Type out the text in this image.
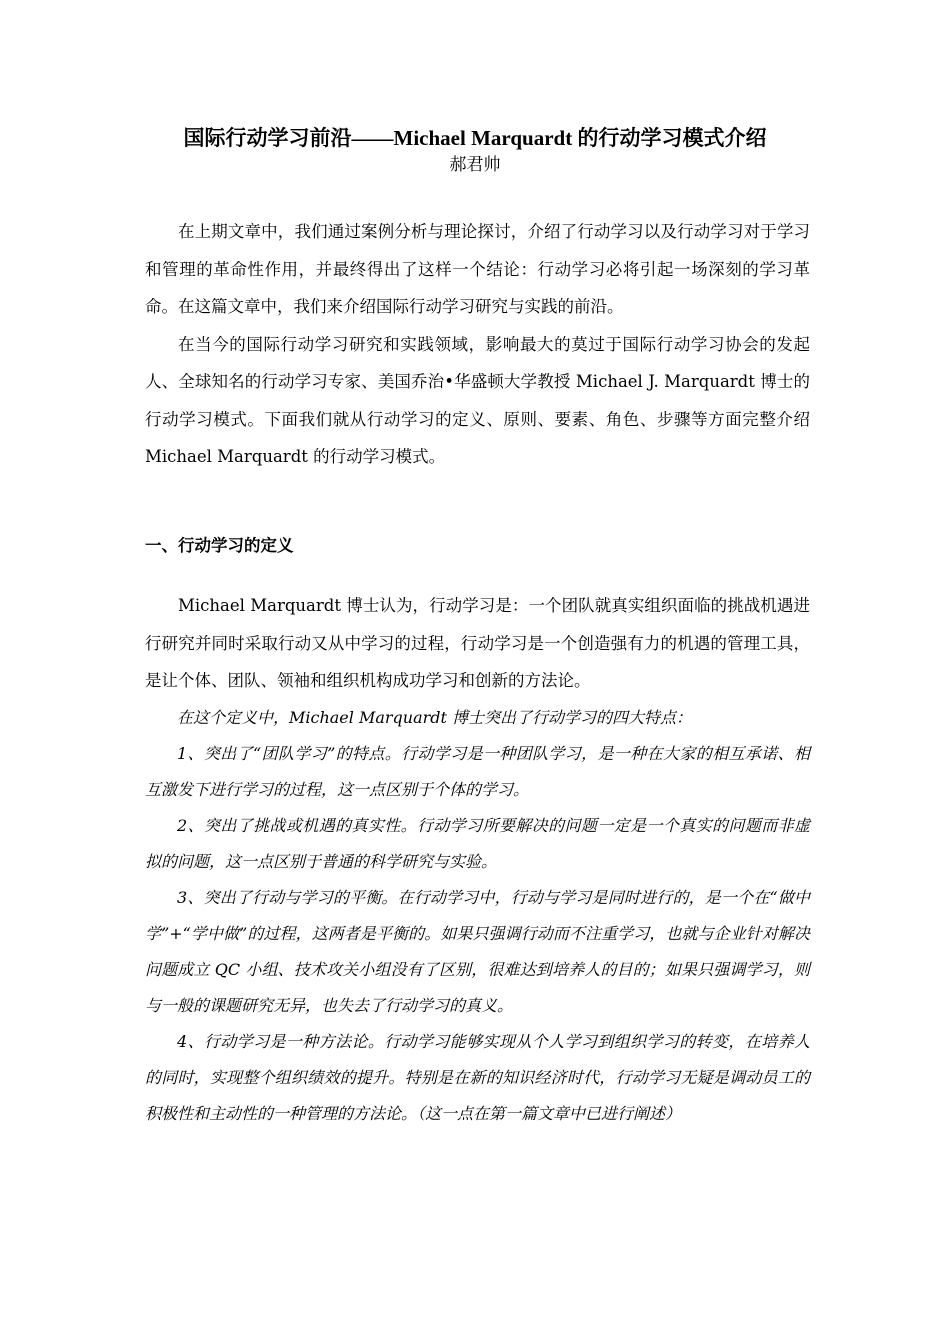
国际行动学习前沿——Michael Marquardt 的行动学习模式介绍

郝君帅

在上期文章中，我们通过案例分析与理论探讨，介绍了行动学习以及行动学习对于学习和管理的革命性作用，并最终得出了这样一个结论：行动学习必将引起一场深刻的学习革命。在这篇文章中，我们来介绍国际行动学习研究与实践的前沿。

在当今的国际行动学习研究和实践领域，影响最大的莫过于国际行动学习协会的发起人、全球知名的行动学习专家、美国乔治•华盛顿大学教授 Michael J. Marquardt 博士的行动学习模式。下面我们就从行动学习的定义、原则、要素、角色、步骤等方面完整介绍 Michael Marquardt 的行动学习模式。

一、行动学习的定义

Michael Marquardt 博士认为，行动学习是：一个团队就真实组织面临的挑战机遇进行研究并同时采取行动又从中学习的过程，行动学习是一个创造强有力的机遇的管理工具，是让个体、团队、领袖和组织机构成功学习和创新的方法论。

在这个定义中，Michael Marquardt 博士突出了行动学习的四大特点：

1、突出了“团队学习”的特点。行动学习是一种团队学习，是一种在大家的相互承诺、相互激发下进行学习的过程，这一点区别于个体的学习。

2、突出了挑战或机遇的真实性。行动学习所要解决的问题一定是一个真实的问题而非虚拟的问题，这一点区别于普通的科学研究与实验。

3、突出了行动与学习的平衡。在行动学习中，行动与学习是同时进行的，是一个在“做中学”+“学中做”的过程，这两者是平衡的。如果只强调行动而不注重学习，也就与企业针对解决问题成立 QC 小组、技术攻关小组没有了区别，很难达到培养人的目的；如果只强调学习，则与一般的课题研究无异，也失去了行动学习的真义。

4、行动学习是一种方法论。行动学习能够实现从个人学习到组织学习的转变，在培养人的同时，实现整个组织绩效的提升。特别是在新的知识经济时代，行动学习无疑是调动员工的积极性和主动性的一种管理的方法论。（这一点在第一篇文章中已进行阐述）
